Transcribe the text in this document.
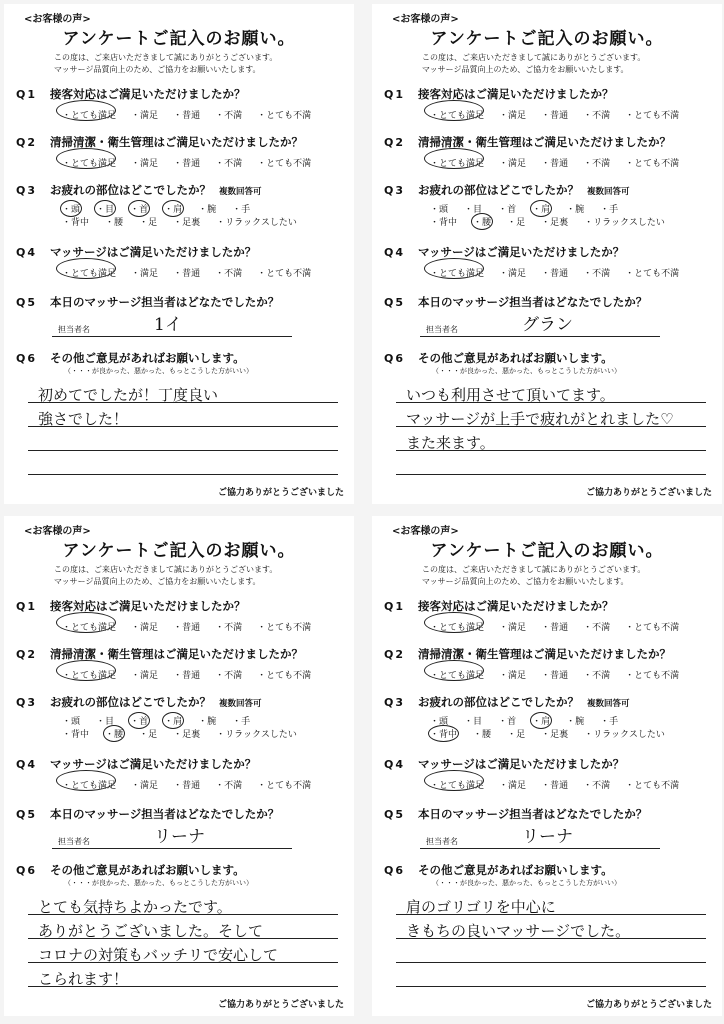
<お客様の声>
アンケートご記入のお願い。
この度は、ご来店いただきまして誠にありがとうございます。
マッサージ品質向上のため、ご協力をお願いいたします。
Q1	接客対応はご満足いただけましたか？
・ とても満足	・ 満足	・ 普通	・ 不満	・ とても不満
Q2	清掃清潔・衛生管理はご満足いただけましたか？
・ とても満足	・ 満足	・ 普通	・ 不満	・ とても不満
Q3	お疲れの部位はどこでしたか？ 複数回答可
・ 頭	・ 目	・ 首	・ 肩	・ 腕	・ 手
・ 背中	・ 腰	・ 足	・ 足裏	・ リラックスしたい
Q4	マッサージはご満足いただけましたか？
・ とても満足	・ 満足	・ 普通	・ 不満	・ とても不満
Q5	本日のマッサージ担当者はどなたでしたか？
Q6	その他ご意見があればお願いします。
担当者名	1イ
（・・・が良かった、悪かった、もっとこうした方がいい）
初めてでしたが！丁度良い
強さでした！
ご協力ありがとうございました
<お客様の声>
アンケートご記入のお願い。
この度は、ご来店いただきまして誠にありがとうございます。
マッサージ品質向上のため、ご協力をお願いいたします。
Q1	接客対応はご満足いただけましたか？
・ とても満足	・ 満足	・ 普通	・ 不満	・ とても不満
Q2	清掃清潔・衛生管理はご満足いただけましたか？
・ とても満足	・ 満足	・ 普通	・ 不満	・ とても不満
Q3	お疲れの部位はどこでしたか？ 複数回答可
・ 頭	・ 目	・ 首	・ 肩	・ 腕	・ 手
・ 背中	・ 腰	・ 足	・ 足裏	・ リラックスしたい
Q4	マッサージはご満足いただけましたか？
・ とても満足	・ 満足	・ 普通	・ 不満	・ とても不満
Q5	本日のマッサージ担当者はどなたでしたか？
Q6	その他ご意見があればお願いします。
担当者名	グラン
（・・・が良かった、悪かった、もっとこうした方がいい）
いつも利用させて頂いてます。
マッサージが上手で疲れがとれました♡
また来ます。
ご協力ありがとうございました
<お客様の声>
アンケートご記入のお願い。
この度は、ご来店いただきまして誠にありがとうございます。
マッサージ品質向上のため、ご協力をお願いいたします。
Q1	接客対応はご満足いただけましたか？
・ とても満足	・ 満足	・ 普通	・ 不満	・ とても不満
Q2	清掃清潔・衛生管理はご満足いただけましたか？
・ とても満足	・ 満足	・ 普通	・ 不満	・ とても不満
Q3	お疲れの部位はどこでしたか？ 複数回答可
・ 頭	・ 目	・ 首	・ 肩	・ 腕	・ 手
・ 背中	・ 腰	・ 足	・ 足裏	・ リラックスしたい
Q4	マッサージはご満足いただけましたか？
・ とても満足	・ 満足	・ 普通	・ 不満	・ とても不満
Q5	本日のマッサージ担当者はどなたでしたか？
Q6	その他ご意見があればお願いします。
担当者名	リーナ
（・・・が良かった、悪かった、もっとこうした方がいい）
とても気持ちよかったです。
ありがとうございました。そして
コロナの対策もバッチリで安心して
こられます！
ご協力ありがとうございました
<お客様の声>
アンケートご記入のお願い。
この度は、ご来店いただきまして誠にありがとうございます。
マッサージ品質向上のため、ご協力をお願いいたします。
Q1	接客対応はご満足いただけましたか？
・ とても満足	・ 満足	・ 普通	・ 不満	・ とても不満
Q2	清掃清潔・衛生管理はご満足いただけましたか？
・ とても満足	・ 満足	・ 普通	・ 不満	・ とても不満
Q3	お疲れの部位はどこでしたか？ 複数回答可
・ 頭	・ 目	・ 首	・ 肩	・ 腕	・ 手
・ 背中	・ 腰	・ 足	・ 足裏	・ リラックスしたい
Q4	マッサージはご満足いただけましたか？
・ とても満足	・ 満足	・ 普通	・ 不満	・ とても不満
Q5	本日のマッサージ担当者はどなたでしたか？
Q6	その他ご意見があればお願いします。
担当者名	リーナ
（・・・が良かった、悪かった、もっとこうした方がいい）
肩のゴリゴリを中心に
きもちの良いマッサージでした。
ご協力ありがとうございました
